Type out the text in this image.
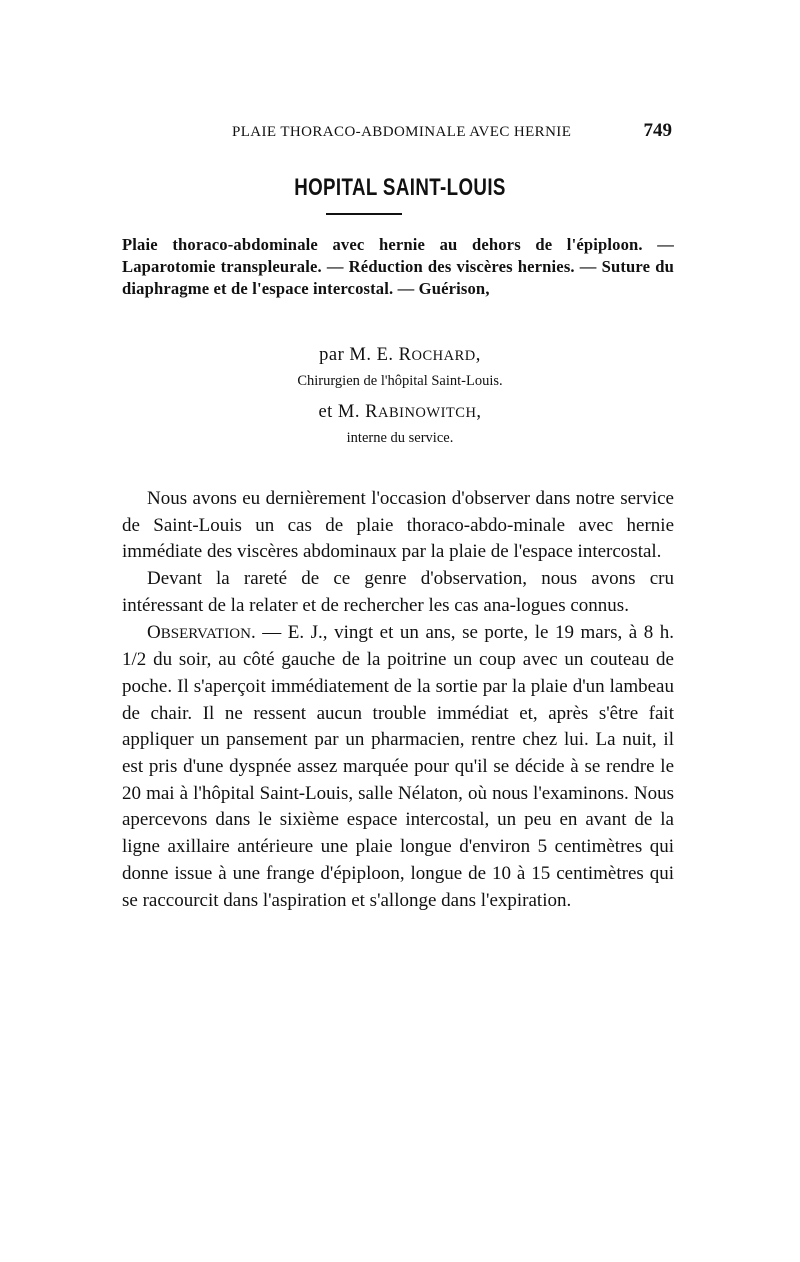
PLAIE THORACO-ABDOMINALE AVEC HERNIE	749
HOPITAL SAINT-LOUIS
Plaie thoraco-abdominale avec hernie au dehors de l'épiploon. — Laparotomie transpleurale. — Réduction des viscères hernies. — Suture du diaphragme et de l'espace intercostal. — Guérison,
par M. E. ROCHARD,
Chirurgien de l'hôpital Saint-Louis.
et M. RABINOWITCH,
interne du service.

Nous avons eu dernièrement l'occasion d'observer dans notre service de Saint-Louis un cas de plaie thoraco-abdo-minale avec hernie immédiate des viscères abdominaux par la plaie de l'espace intercostal.

Devant la rareté de ce genre d'observation, nous avons cru intéressant de la relater et de rechercher les cas ana-logues connus.

OBSERVATION. — E. J., vingt et un ans, se porte, le 19 mars, à 8 h. 1/2 du soir, au côté gauche de la poitrine un coup avec un couteau de poche. Il s'aperçoit immédiatement de la sortie par la plaie d'un lambeau de chair. Il ne ressent aucun trouble immédiat et, après s'être fait appliquer un pansement par un pharmacien, rentre chez lui. La nuit, il est pris d'une dyspnée assez marquée pour qu'il se décide à se rendre le 20 mai à l'hôpital Saint-Louis, salle Nélaton, où nous l'examinons. Nous apercevons dans le sixième espace intercostal, un peu en avant de la ligne axillaire antérieure une plaie longue d'environ 5 centimètres qui donne issue à une frange d'épiploon, longue de 10 à 15 centimètres qui se raccourcit dans l'aspiration et s'allonge dans l'expiration.
